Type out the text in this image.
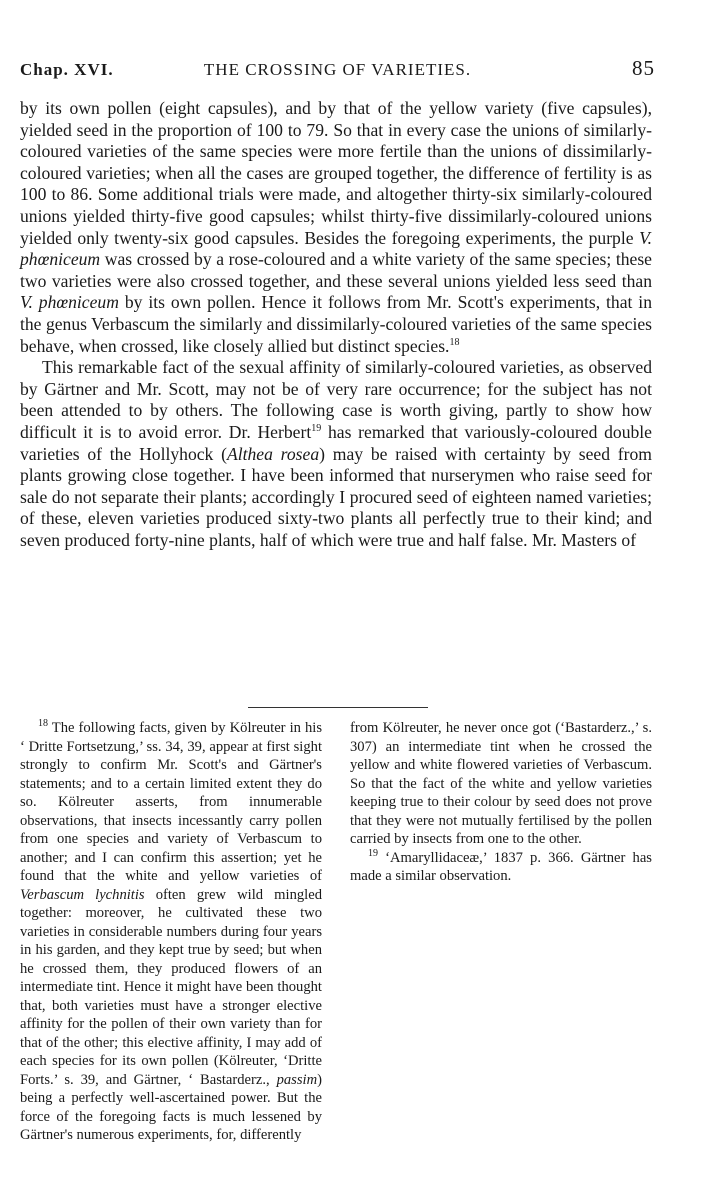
Chap. XVI.	THE CROSSING OF VARIETIES.	85

by its own pollen (eight capsules), and by that of the yellow variety (five capsules), yielded seed in the proportion of 100 to 79. So that in every case the unions of similarly-coloured varieties of the same species were more fertile than the unions of dissimilarly-coloured varieties; when all the cases are grouped together, the difference of fertility is as 100 to 86. Some additional trials were made, and altogether thirty-six similarly-coloured unions yielded thirty-five good capsules; whilst thirty-five dissimilarly-coloured unions yielded only twenty-six good capsules. Besides the foregoing experiments, the purple V. phœniceum was crossed by a rose-coloured and a white variety of the same species; these two varieties were also crossed together, and these several unions yielded less seed than V. phœniceum by its own pollen. Hence it follows from Mr. Scott's experiments, that in the genus Verbascum the similarly and dissimilarly-coloured varieties of the same species behave, when crossed, like closely allied but distinct species.$^{18}$

This remarkable fact of the sexual affinity of similarly-coloured varieties, as observed by Gärtner and Mr. Scott, may not be of very rare occurrence; for the subject has not been attended to by others. The following case is worth giving, partly to show how difficult it is to avoid error. Dr. Herbert$^{19}$ has remarked that variously-coloured double varieties of the Hollyhock (Althea rosea) may be raised with certainty by seed from plants growing close together. I have been informed that nurserymen who raise seed for sale do not separate their plants; accordingly I procured seed of eighteen named varieties; of these, eleven varieties produced sixty-two plants all perfectly true to their kind; and seven produced forty-nine plants, half of which were true and half false. Mr. Masters of

$^{18}$ The following facts, given by Kölreuter in his ‘ Dritte Fortsetzung,’ ss. 34, 39, appear at first sight strongly to confirm Mr. Scott's and Gärtner's statements; and to a certain limited extent they do so. Kölreuter asserts, from innumerable observations, that insects incessantly carry pollen from one species and variety of Verbascum to another; and I can confirm this assertion; yet he found that the white and yellow varieties of Verbascum lychnitis often grew wild mingled together: moreover, he cultivated these two varieties in considerable numbers during four years in his garden, and they kept true by seed; but when he crossed them, they produced flowers of an intermediate tint. Hence it might have been thought that, both varieties must have a stronger elective affinity for the pollen of their own variety than for that of the other; this elective affinity, I may add of each species for its own pollen (Kölreuter, ‘Dritte Forts.’ s. 39, and Gärtner, ‘ Bastarderz., passim) being a perfectly well-ascertained power. But the force of the foregoing facts is much lessened by Gärtner's numerous experiments, for, differently

from Kölreuter, he never once got (‘Bastarderz.,’ s. 307) an intermediate tint when he crossed the yellow and white flowered varieties of Verbascum. So that the fact of the white and yellow varieties keeping true to their colour by seed does not prove that they were not mutually fertilised by the pollen carried by insects from one to the other.

$^{19}$ ‘Amaryllidaceæ,’ 1837 p. 366. Gärtner has made a similar observation.
